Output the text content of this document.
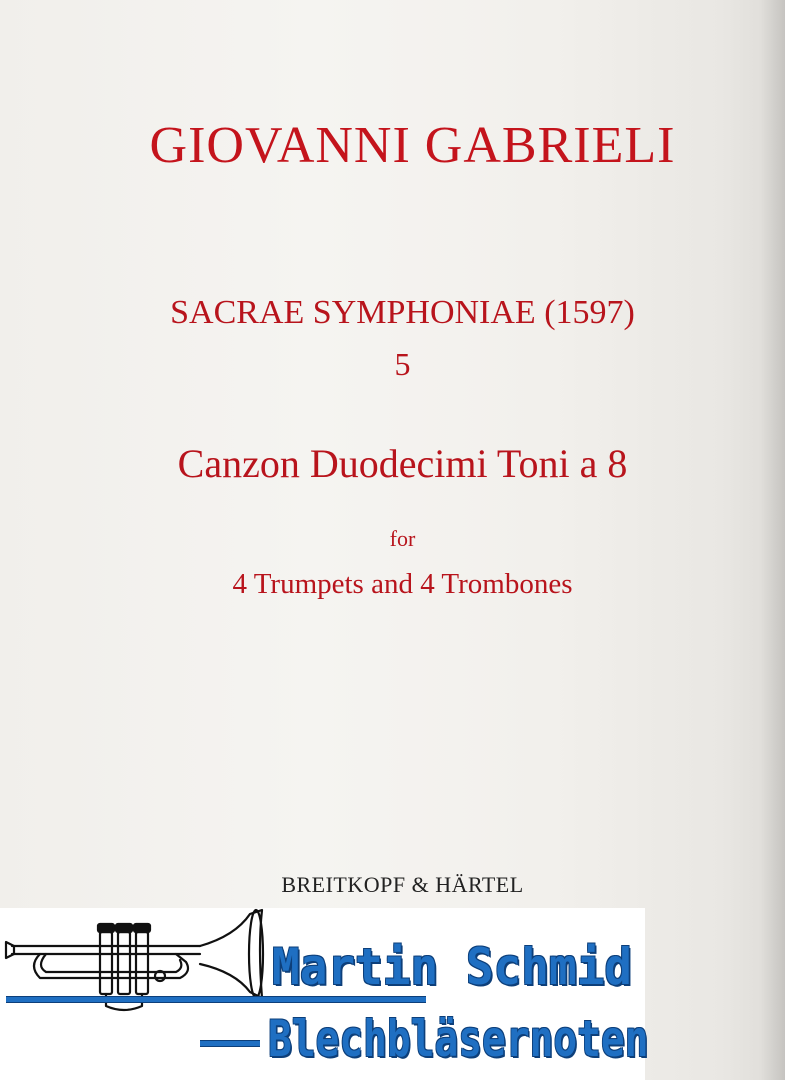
GIOVANNI GABRIELI
SACRAE SYMPHONIAE (1597)
5
Canzon Duodecimi Toni a 8
for
4 Trumpets and 4 Trombones
BREITKOPF & HÄRTEL
Martin Schmid
Blechbläsernoten
